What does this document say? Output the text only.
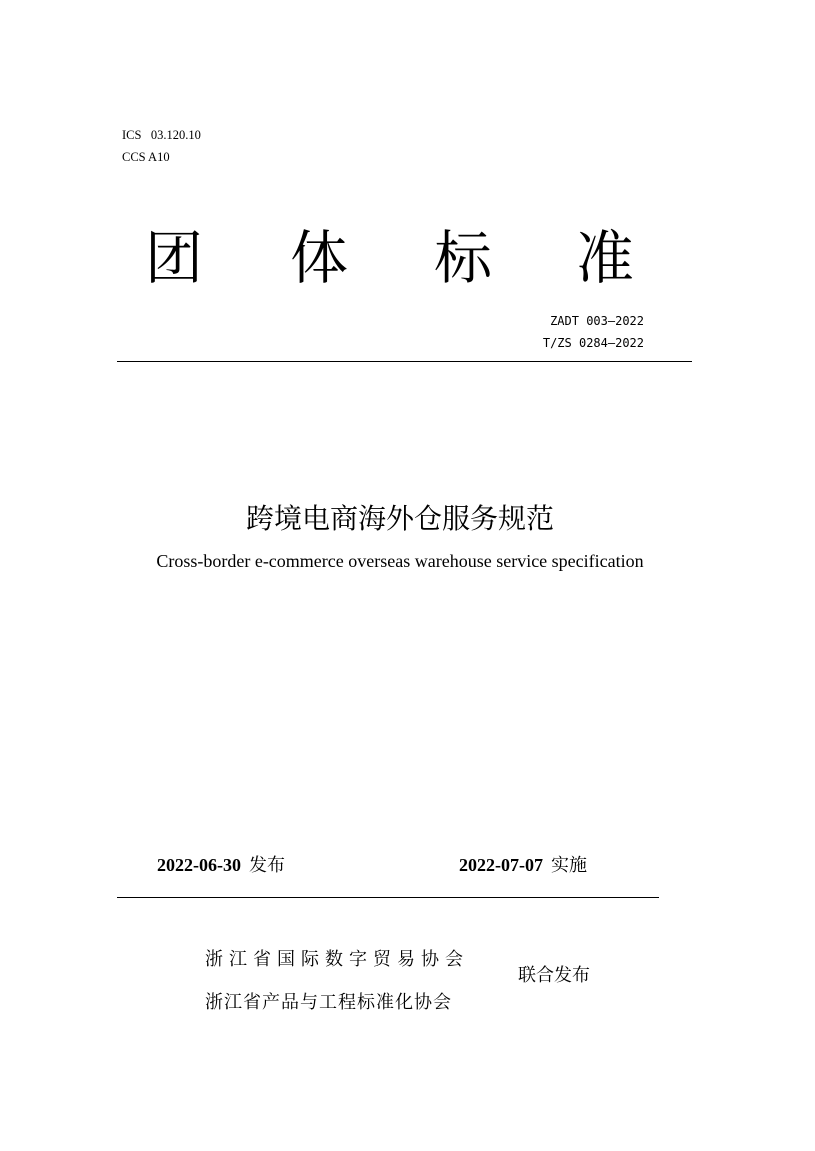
ICS   03.120.10
CCS A10
团 体 标 准
ZADT 003—2022
T/ZS 0284—2022
跨境电商海外仓服务规范
Cross-border e-commerce overseas warehouse service specification
2022-06-30 发布	2022-07-07 实施
浙江省国际数字贸易协会
浙江省产品与工程标准化协会
联合发布
